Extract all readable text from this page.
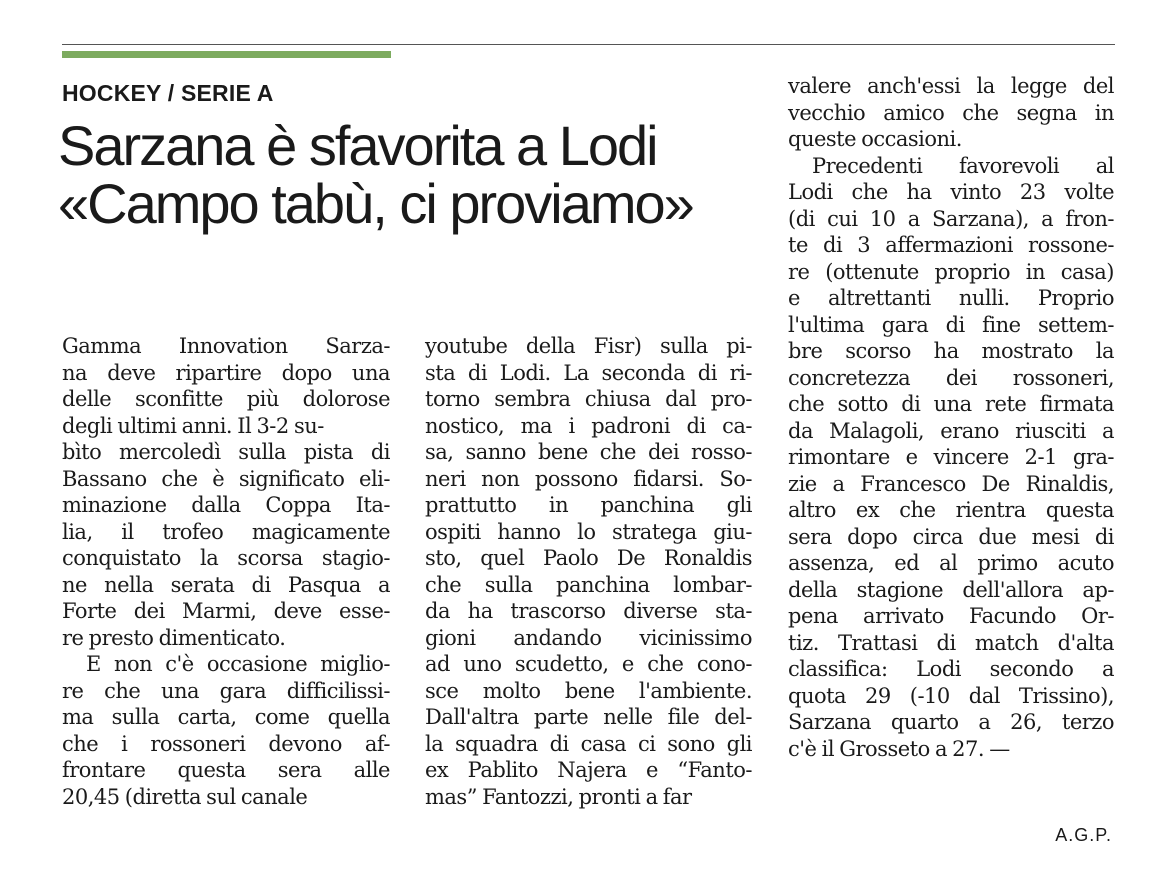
HOCKEY / SERIE A
Sarzana è sfavorita a Lodi
«Campo tabù, ci proviamo»
Gamma Innovation Sarza-
na deve ripartire dopo una
delle sconfitte più dolorose
degli ultimi anni. Il 3-2 su-
bìto mercoledì sulla pista di
Bassano che è significato eli-
minazione dalla Coppa Ita-
lia, il trofeo magicamente
conquistato la scorsa stagio-
ne nella serata di Pasqua a
Forte dei Marmi, deve esse-
re presto dimenticato.
E non c'è occasione miglio-
re che una gara difficilissi-
ma sulla carta, come quella
che i rossoneri devono af-
frontare questa sera alle
20,45 (diretta sul canale
youtube della Fisr) sulla pi-
sta di Lodi. La seconda di ri-
torno sembra chiusa dal pro-
nostico, ma i padroni di ca-
sa, sanno bene che dei rosso-
neri non possono fidarsi. So-
prattutto in panchina gli
ospiti hanno lo stratega giu-
sto, quel Paolo De Ronaldis
che sulla panchina lombar-
da ha trascorso diverse sta-
gioni andando vicinissimo
ad uno scudetto, e che cono-
sce molto bene l'ambiente.
Dall'altra parte nelle file del-
la squadra di casa ci sono gli
ex Pablito Najera e “Fanto-
mas” Fantozzi, pronti a far
valere anch'essi la legge del
vecchio amico che segna in
queste occasioni.
Precedenti favorevoli al
Lodi che ha vinto 23 volte
(di cui 10 a Sarzana), a fron-
te di 3 affermazioni rossone-
re (ottenute proprio in casa)
e altrettanti nulli. Proprio
l'ultima gara di fine settem-
bre scorso ha mostrato la
concretezza dei rossoneri,
che sotto di una rete firmata
da Malagoli, erano riusciti a
rimontare e vincere 2-1 gra-
zie a Francesco De Rinaldis,
altro ex che rientra questa
sera dopo circa due mesi di
assenza, ed al primo acuto
della stagione dell'allora ap-
pena arrivato Facundo Or-
tiz. Trattasi di match d'alta
classifica: Lodi secondo a
quota 29 (-10 dal Trissino),
Sarzana quarto a 26, terzo
c'è il Grosseto a 27. —
A.G.P.
